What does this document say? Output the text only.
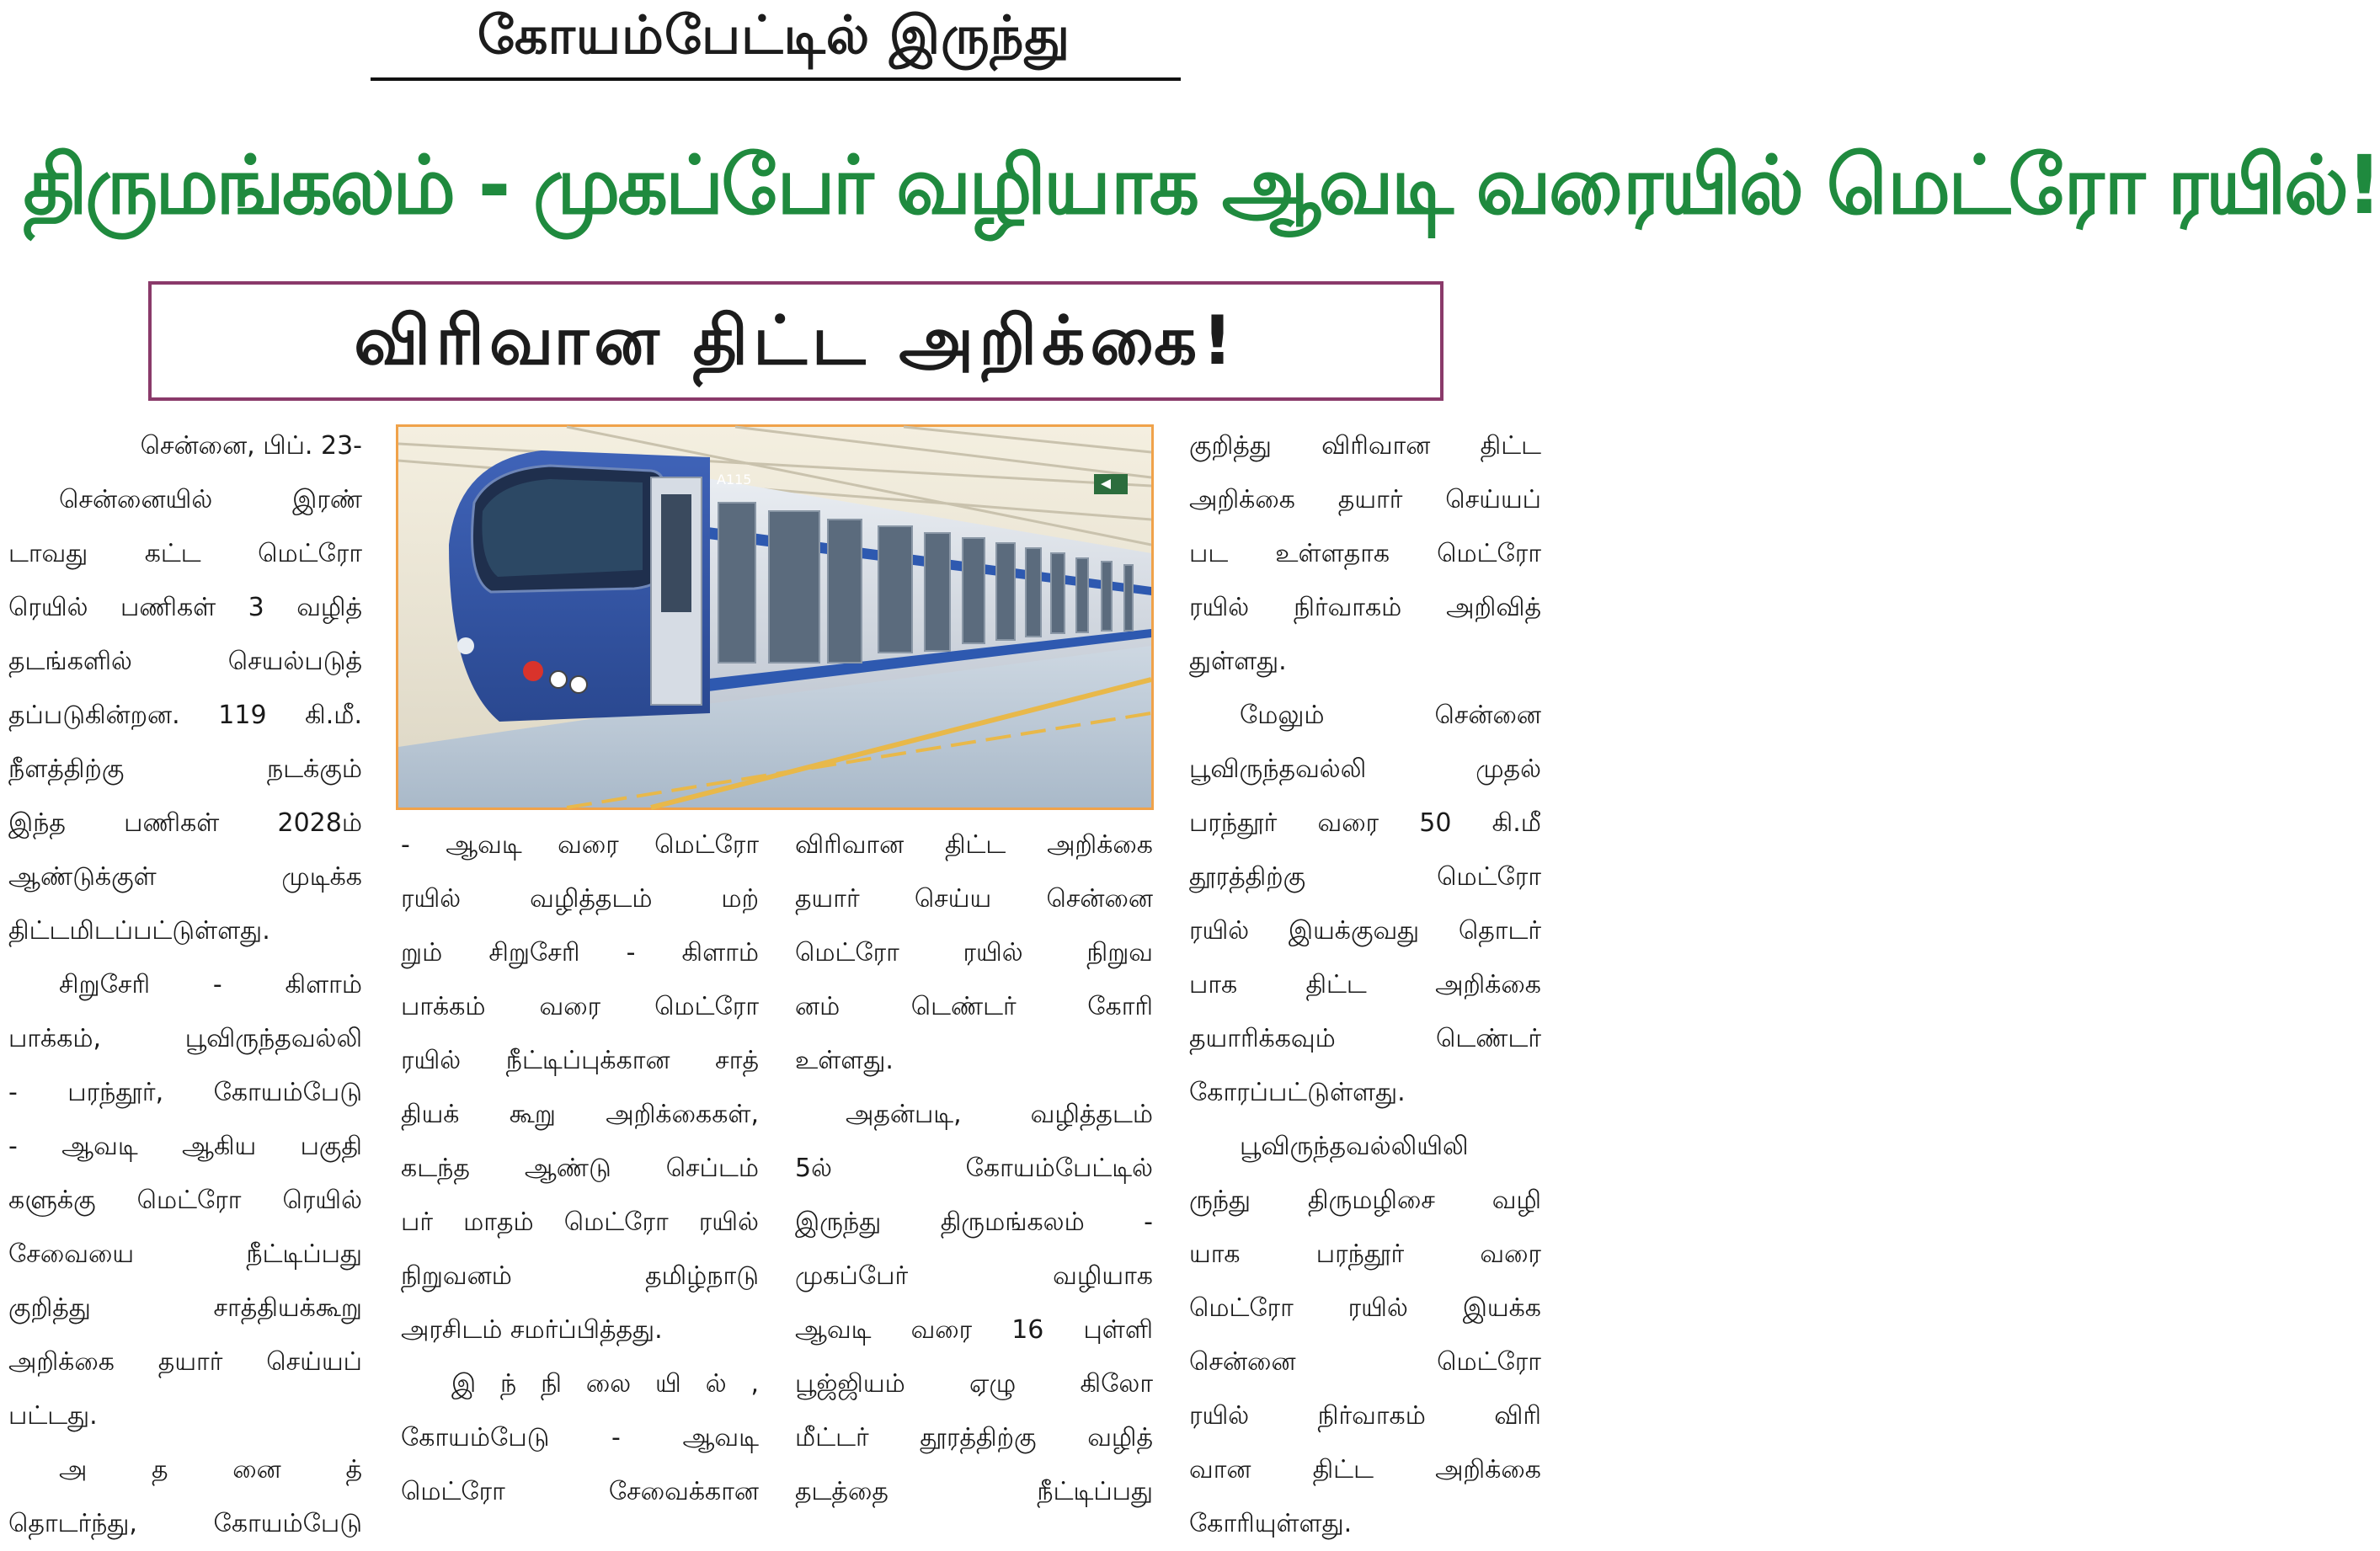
கோயம்பேட்டில் இருந்து
திருமங்கலம் - முகப்பேர் வழியாக ஆவடி வரையில் மெட்ரோ ரயில்!
விரிவான திட்ட அறிக்கை!
A115
சென்னை, பிப். 23-
சென்னையில் இரண்
டாவது கட்ட மெட்ரோ
ரெயில் பணிகள் 3 வழித்
தடங்களில் செயல்படுத்
தப்படுகின்றன. 119 கி.மீ.
நீளத்திற்கு நடக்கும்
இந்த பணிகள் 2028ம்
ஆண்டுக்குள் முடிக்க
திட்டமிடப்பட்டுள்ளது.
சிறுசேரி - கிளாம்
பாக்கம், பூவிருந்தவல்லி
- பரந்தூர், கோயம்பேடு
- ஆவடி ஆகிய பகுதி
களுக்கு மெட்ரோ ரெயில்
சேவையை நீட்டிப்பது
குறித்து சாத்தியக்கூறு
அறிக்கை தயார் செய்யப்
பட்டது.
அ த னை த்
தொடர்ந்து, கோயம்பேடு
- ஆவடி வரை மெட்ரோ
ரயில் வழித்தடம் மற்
றும் சிறுசேரி - கிளாம்
பாக்கம் வரை மெட்ரோ
ரயில் நீட்டிப்புக்கான சாத்
தியக் கூறு அறிக்கைகள்,
கடந்த ஆண்டு செப்டம்
பர் மாதம் மெட்ரோ ரயில்
நிறுவனம் தமிழ்நாடு
அரசிடம் சமர்ப்பித்தது.
இ ந் நி லை யி ல் ,
கோயம்பேடு - ஆவடி
மெட்ரோ சேவைக்கான
விரிவான திட்ட அறிக்கை
தயார் செய்ய சென்னை
மெட்ரோ ரயில் நிறுவ
னம் டெண்டர் கோரி
உள்ளது.
அதன்படி, வழித்தடம்
5ல் கோயம்பேட்டில்
இருந்து திருமங்கலம் -
முகப்பேர் வழியாக
ஆவடி வரை 16 புள்ளி
பூஜ்ஜியம் ஏழு கிலோ
மீட்டர் தூரத்திற்கு வழித்
தடத்தை நீட்டிப்பது
குறித்து விரிவான திட்ட
அறிக்கை தயார் செய்யப்
பட உள்ளதாக மெட்ரோ
ரயில் நிர்வாகம் அறிவித்
துள்ளது.
மேலும் சென்னை
பூவிருந்தவல்லி முதல்
பரந்தூர் வரை 50 கி.மீ
தூரத்திற்கு மெட்ரோ
ரயில் இயக்குவது தொடர்
பாக திட்ட அறிக்கை
தயாரிக்கவும் டெண்டர்
கோரப்பட்டுள்ளது.
பூவிருந்தவல்லியிலி
ருந்து திருமழிசை வழி
யாக பரந்தூர் வரை
மெட்ரோ ரயில் இயக்க
சென்னை மெட்ரோ
ரயில் நிர்வாகம் விரி
வான திட்ட அறிக்கை
கோரியுள்ளது.
